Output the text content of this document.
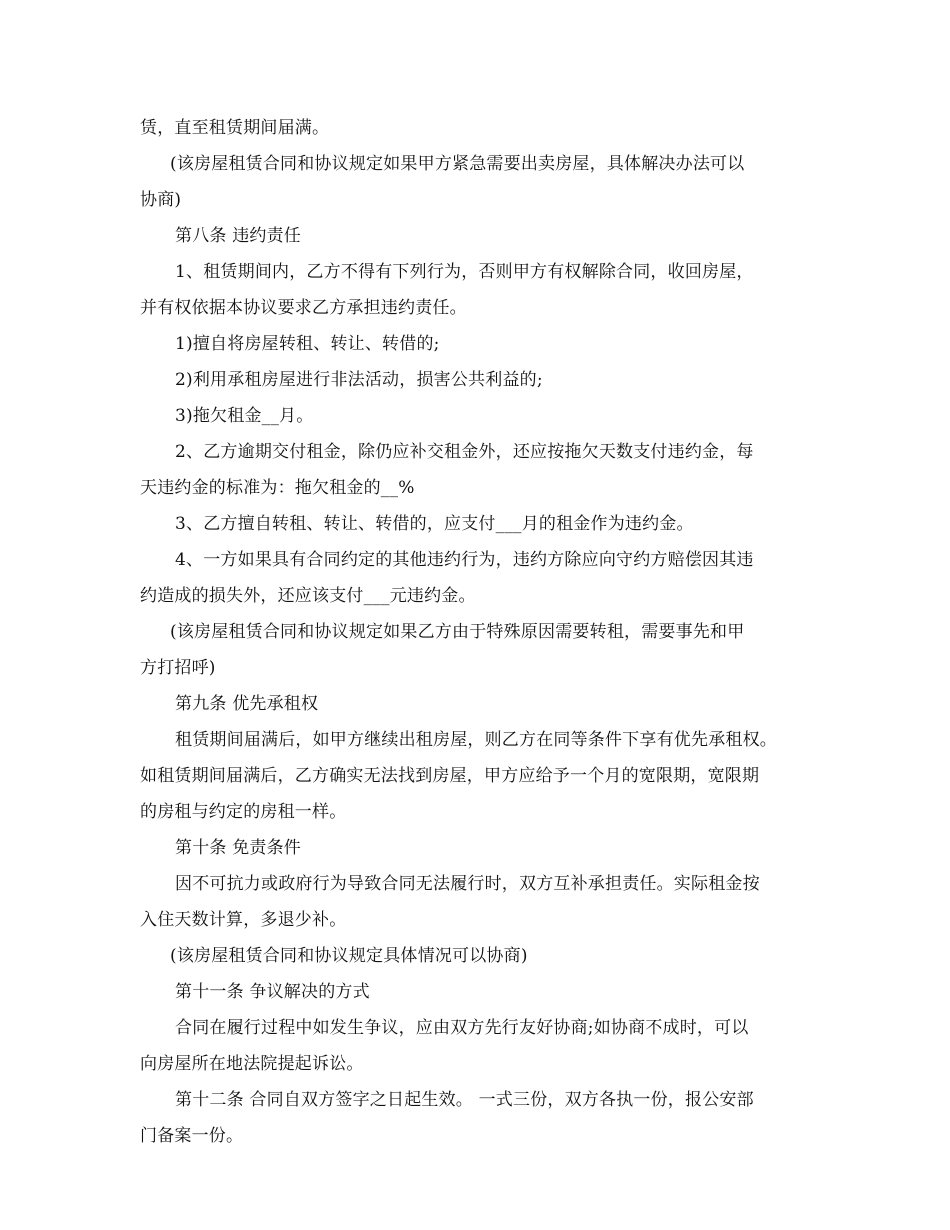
赁，直至租赁期间届满。
(该房屋租赁合同和协议规定如果甲方紧急需要出卖房屋，具体解决办法可以
协商)
第八条 违约责任
1、租赁期间内，乙方不得有下列行为，否则甲方有权解除合同，收回房屋，
并有权依据本协议要求乙方承担违约责任。
1)擅自将房屋转租、转让、转借的;
2)利用承租房屋进行非法活动，损害公共利益的;
3)拖欠租金__月。
2、乙方逾期交付租金，除仍应补交租金外，还应按拖欠天数支付违约金，每
天违约金的标准为：拖欠租金的__%
3、乙方擅自转租、转让、转借的，应支付___月的租金作为违约金。
4、一方如果具有合同约定的其他违约行为，违约方除应向守约方赔偿因其违
约造成的损失外，还应该支付___元违约金。
(该房屋租赁合同和协议规定如果乙方由于特殊原因需要转租，需要事先和甲
方打招呼)
第九条 优先承租权
租赁期间届满后，如甲方继续出租房屋，则乙方在同等条件下享有优先承租权。
如租赁期间届满后，乙方确实无法找到房屋，甲方应给予一个月的宽限期，宽限期
的房租与约定的房租一样。
第十条 免责条件
因不可抗力或政府行为导致合同无法履行时，双方互补承担责任。实际租金按
入住天数计算，多退少补。
(该房屋租赁合同和协议规定具体情况可以协商)
第十一条 争议解决的方式
合同在履行过程中如发生争议，应由双方先行友好协商;如协商不成时，可以
向房屋所在地法院提起诉讼。
第十二条 合同自双方签字之日起生效。 一式三份，双方各执一份，报公安部
门备案一份。
